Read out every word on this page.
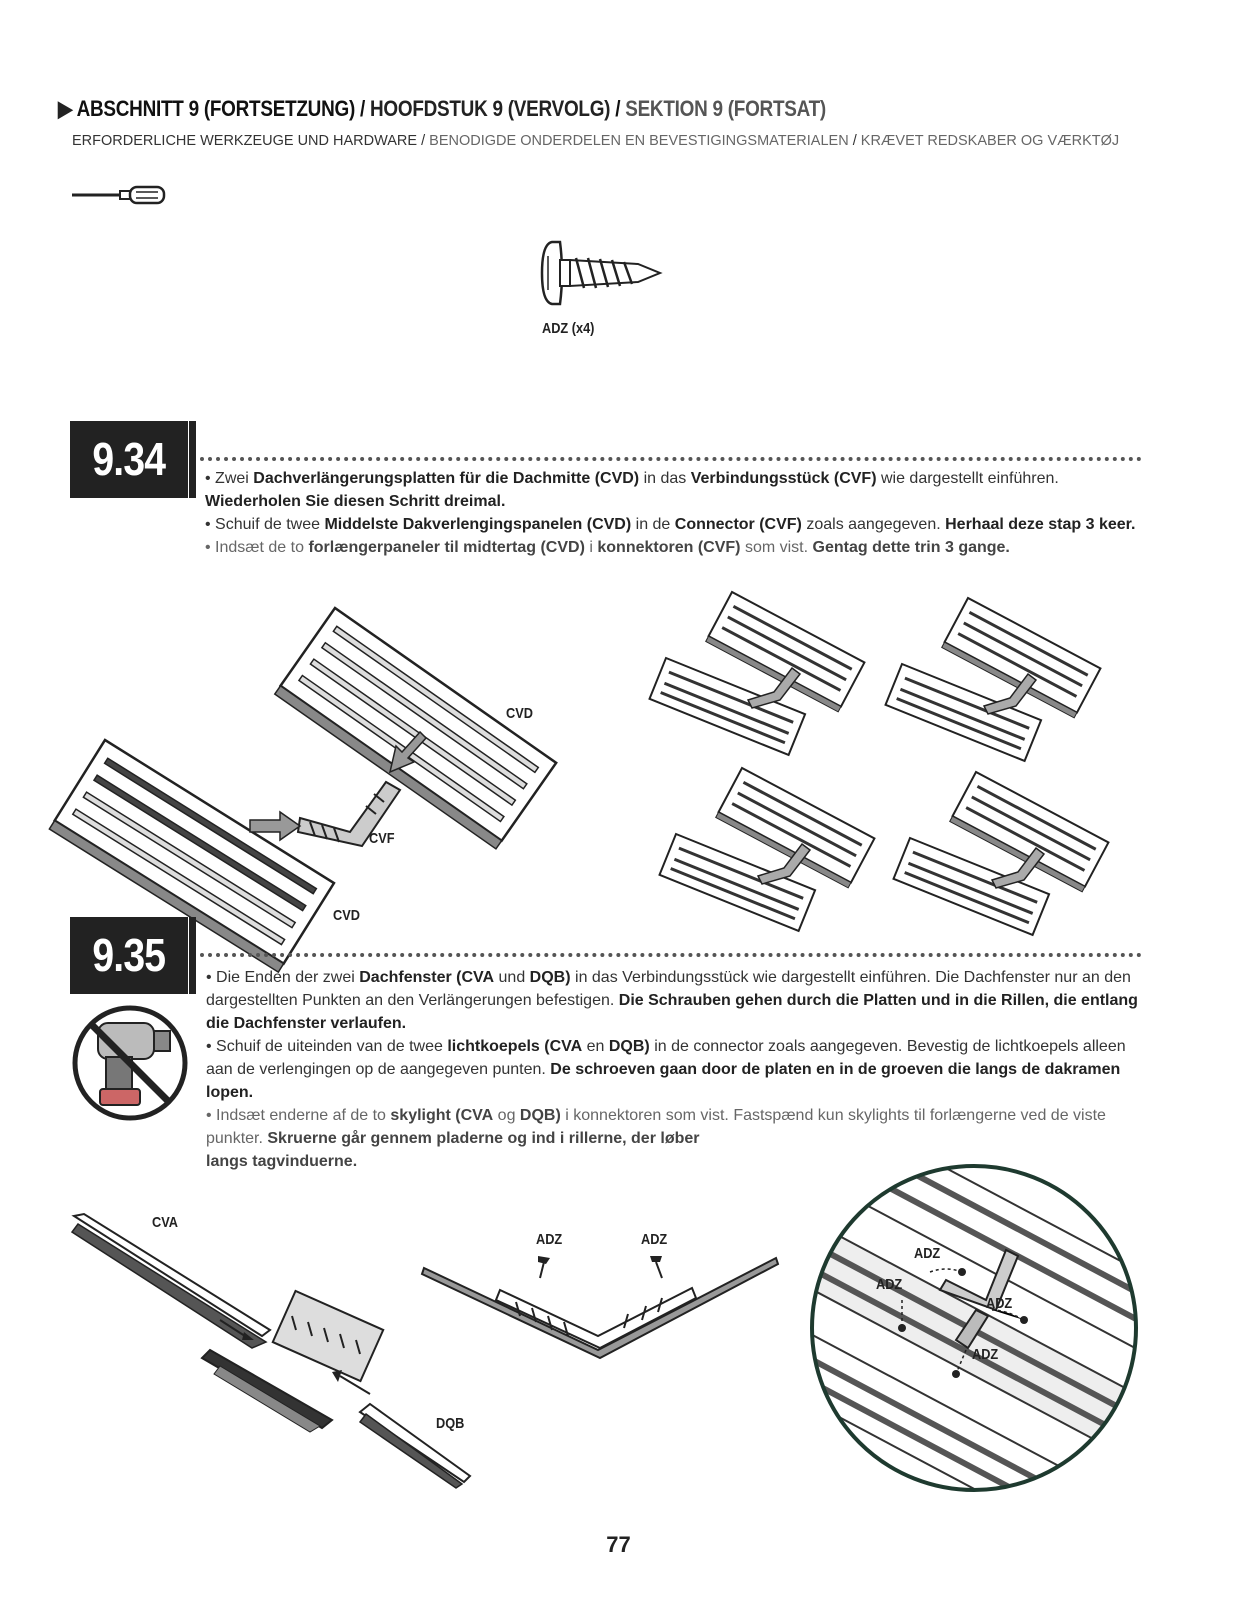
▶ ABSCHNITT 9 (FORTSETZUNG) / HOOFDSTUK 9 (VERVOLG) / SEKTION 9 (FORTSAT)
ERFORDERLICHE WERKZEUGE UND HARDWARE / BENODIGDE ONDERDELEN EN BEVESTIGINGSMATERIALEN / KRÆVET REDSKABER OG VÆRKTØJ
ADZ (x4)
9.34	• Zwei Dachverlängerungsplatten für die Dachmitte (CVD) in das Verbindungsstück (CVF) wie dargestellt einführen. Wiederholen Sie diesen Schritt dreimal.
• Schuif de twee Middelste Dakverlengingspanelen (CVD) in de Connector (CVF) zoals aangegeven. Herhaal deze stap 3 keer.
• Indsæt de to forlængerpaneler til midtertag (CVD) i konnektoren (CVF) som vist. Gentag dette trin 3 gange.
CVD
CVF
CVD
9.35	• Die Enden der zwei Dachfenster (CVA und DQB) in das Verbindungsstück wie dargestellt einführen. Die Dachfenster nur an den dargestellten Punkten an den Verlängerungen befestigen. Die Schrauben gehen durch die Platten und in die Rillen, die entlang die Dachfenster verlaufen.
• Schuif de uiteinden van de twee lichtkoepels (CVA en DQB) in de connector zoals aangegeven. Bevestig de lichtkoepels alleen aan de verlengingen op de aangegeven punten. De schroeven gaan door de platen en in de groeven die langs de dakramen lopen.
• Indsæt enderne af de to skylight (CVA og DQB) i konnektoren som vist. Fastspænd kun skylights til forlængerne ved de viste punkter. Skruerne går gennem pladerne og ind i rillerne, der løber
langs tagvinduerne.
CVA
DQB
ADZ	ADZ
ADZ
ADZ
ADZ
ADZ
77
